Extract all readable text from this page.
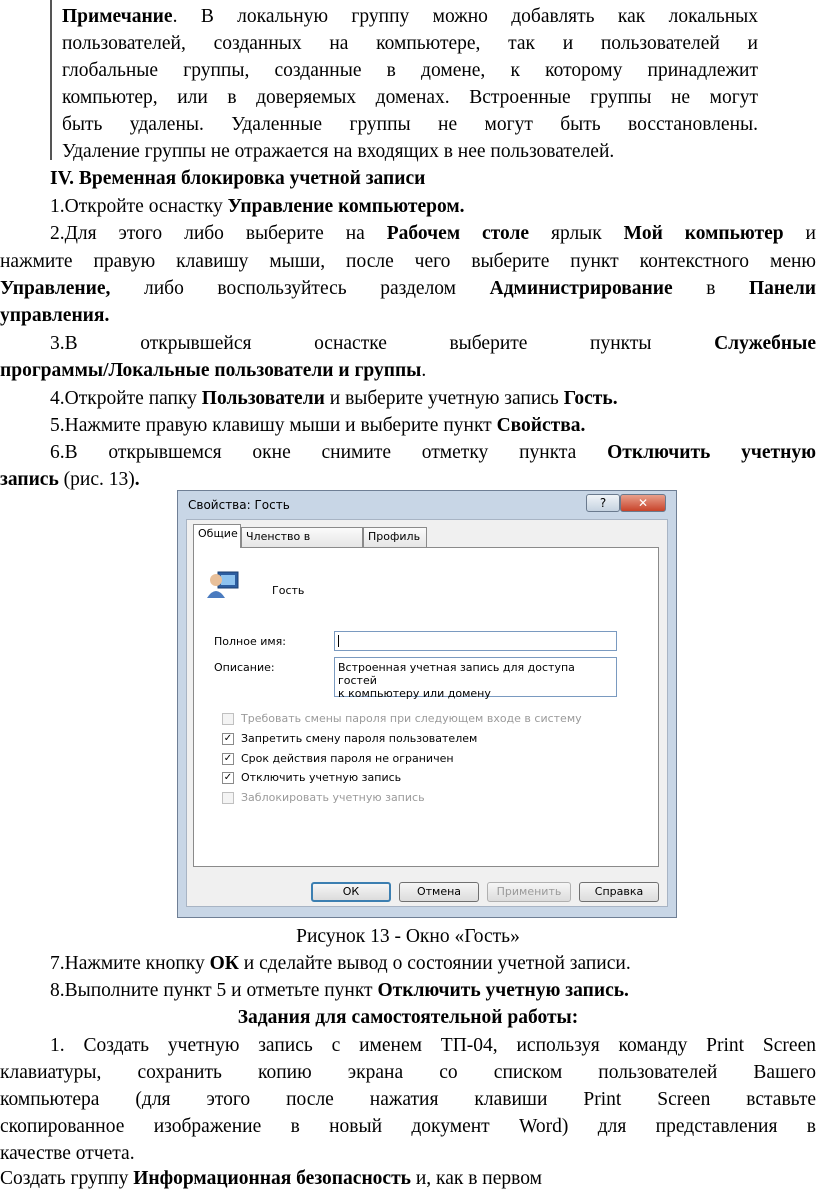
Примечание. В локальную группу можно добавлять как локальных
пользователей, созданных на компьютере, так и пользователей и
глобальные группы, созданные в домене, к которому принадлежит
компьютер, или в доверяемых доменах. Встроенные группы не могут
быть удалены. Удаленные группы не могут быть восстановлены.
Удаление группы не отражается на входящих в нее пользователей.
IV. Временная блокировка учетной записи
1.Откройте оснастку Управление компьютером.
2.Для этого либо выберите на Рабочем столе ярлык Мой компьютер и
нажмите правую клавишу мыши, после чего выберите пункт контекстного меню
Управление, либо воспользуйтесь разделом Администрирование в Панели
управления.
3.В открывшейся оснастке выберите пункты Служебные
программы/Локальные пользователи и группы.
4.Откройте папку Пользователи и выберите учетную запись Гость.
5.Нажмите правую клавишу мыши и выберите пункт Свойства.
6.В открывшемся окне снимите отметку пункта Отключить учетную
запись (рис. 13).
Свойства: Гость	?	✕
Общие Членство в	Профиль
Гость
Полное имя:
Описание:	Встроенная учетная запись для доступа гостей
к компьютеру или домену
Требовать смены пароля при следующем входе в систему
✓ Запретить смену пароля пользователем
✓ Срок действия пароля не ограничен
✓ Отключить учетную запись
Заблокировать учетную запись
ОК	Отмена	Применить	Справка
Рисунок 13 - Окно «Гость»
7.Нажмите кнопку ОК и сделайте вывод о состоянии учетной записи.
8.Выполните пункт 5 и отметьте пункт Отключить учетную запись.
Задания для самостоятельной работы:
1. Создать учетную запись с именем ТП-04, используя команду Print Screen
клавиатуры, сохранить копию экрана со списком пользователей Вашего
компьютера (для этого после нажатия клавиши Print Screen вставьте
скопированное изображение в новый документ Word) для представления в
качестве отчета.
Создать группу Информационная безопасность и, как в первом
